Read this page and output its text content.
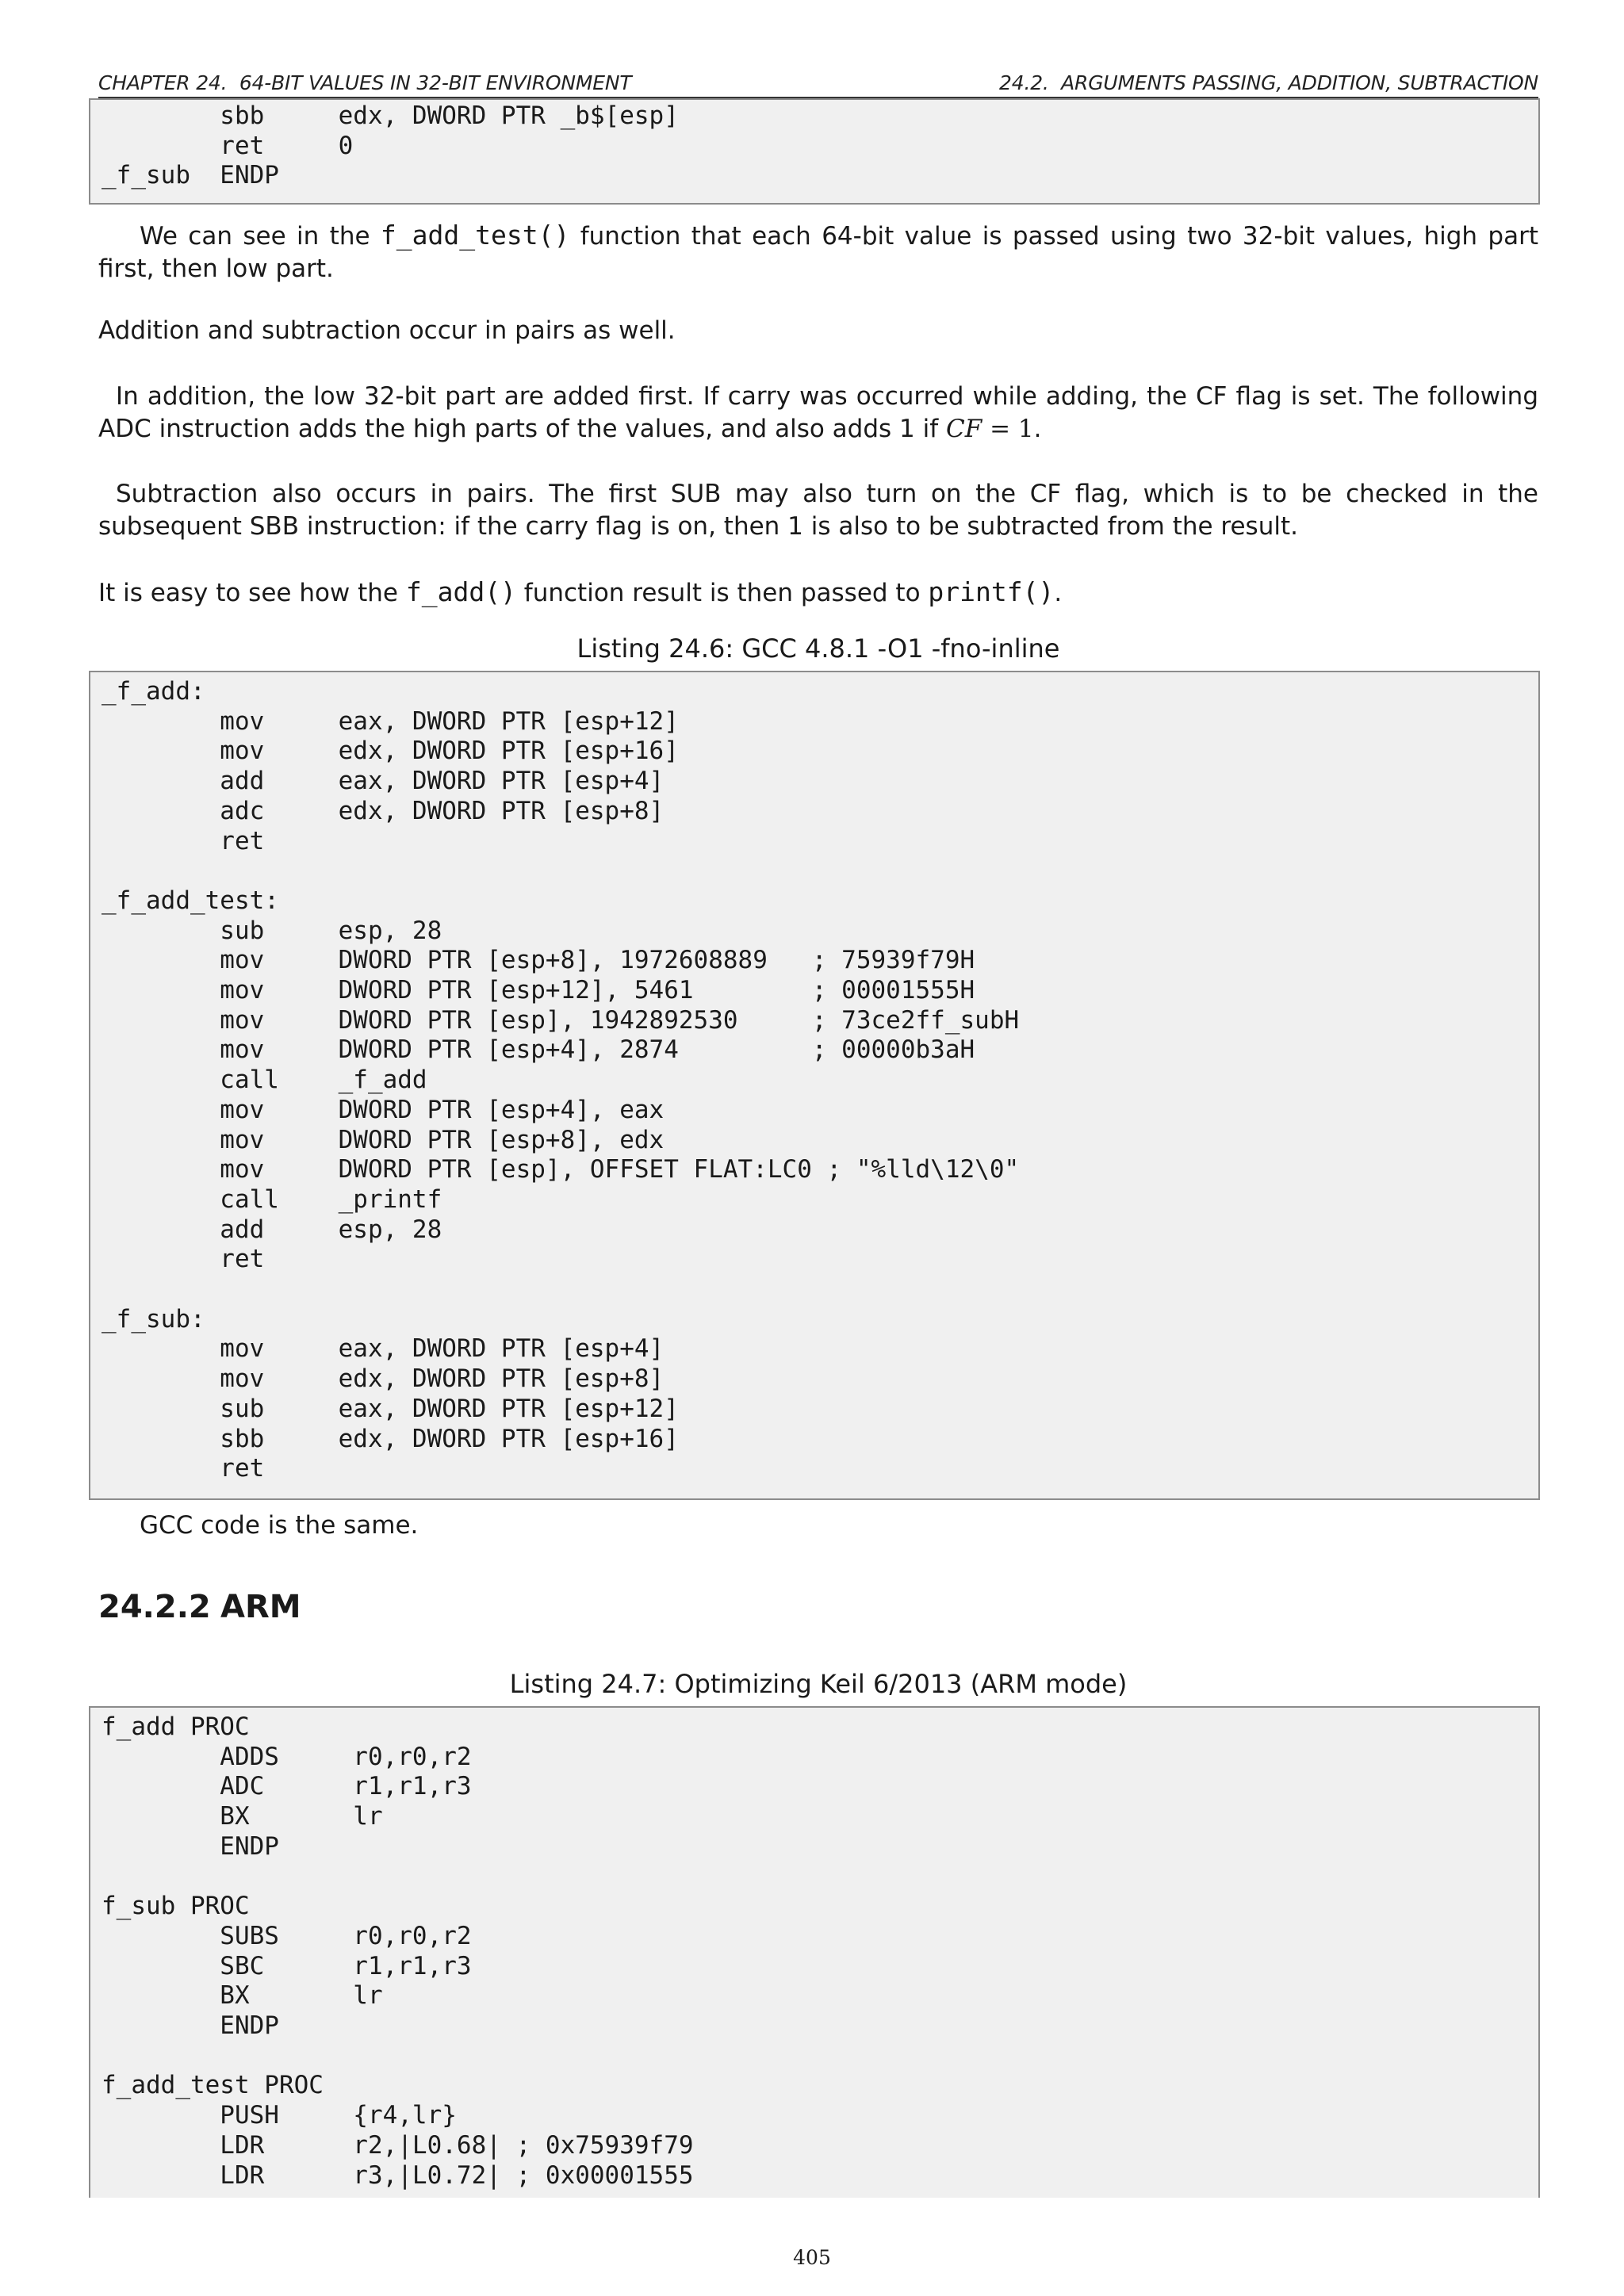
CHAPTER 24.  64-BIT VALUES IN 32-BIT ENVIRONMENT	24.2.  ARGUMENTS PASSING, ADDITION, SUBTRACTION
sbb     edx, DWORD PTR _b$[esp]
ret     0
_f_sub  ENDP
We can see in the f_add_test() function that each 64-bit value is passed using two 32-bit values, high part first, then low part.
Addition and subtraction occur in pairs as well.
In addition, the low 32-bit part are added first. If carry was occurred while adding, the CF flag is set. The following ADC instruction adds the high parts of the values, and also adds 1 if CF = 1.
Subtraction also occurs in pairs. The first SUB may also turn on the CF flag, which is to be checked in the subsequent SBB instruction: if the carry flag is on, then 1 is also to be subtracted from the result.
It is easy to see how the f_add() function result is then passed to printf().
Listing 24.6: GCC 4.8.1 -O1 -fno-inline
_f_add:
mov     eax, DWORD PTR [esp+12]
mov     edx, DWORD PTR [esp+16]
add     eax, DWORD PTR [esp+4]
adc     edx, DWORD PTR [esp+8]
ret

_f_add_test:
sub     esp, 28
mov     DWORD PTR [esp+8], 1972608889   ; 75939f79H
mov     DWORD PTR [esp+12], 5461        ; 00001555H
mov     DWORD PTR [esp], 1942892530     ; 73ce2ff_subH
mov     DWORD PTR [esp+4], 2874         ; 00000b3aH
call    _f_add
mov     DWORD PTR [esp+4], eax
mov     DWORD PTR [esp+8], edx
mov     DWORD PTR [esp], OFFSET FLAT:LC0 ; "%lld\12\0"
call    _printf
add     esp, 28
ret

_f_sub:
mov     eax, DWORD PTR [esp+4]
mov     edx, DWORD PTR [esp+8]
sub     eax, DWORD PTR [esp+12]
sbb     edx, DWORD PTR [esp+16]
ret
GCC code is the same.
24.2.2 ARM
Listing 24.7: Optimizing Keil 6/2013 (ARM mode)
f_add PROC
ADDS     r0,r0,r2
ADC      r1,r1,r3
BX       lr
ENDP

f_sub PROC
SUBS     r0,r0,r2
SBC      r1,r1,r3
BX       lr
ENDP

f_add_test PROC
PUSH     {r4,lr}
LDR      r2,|L0.68| ; 0x75939f79
LDR      r3,|L0.72| ; 0x00001555
405
